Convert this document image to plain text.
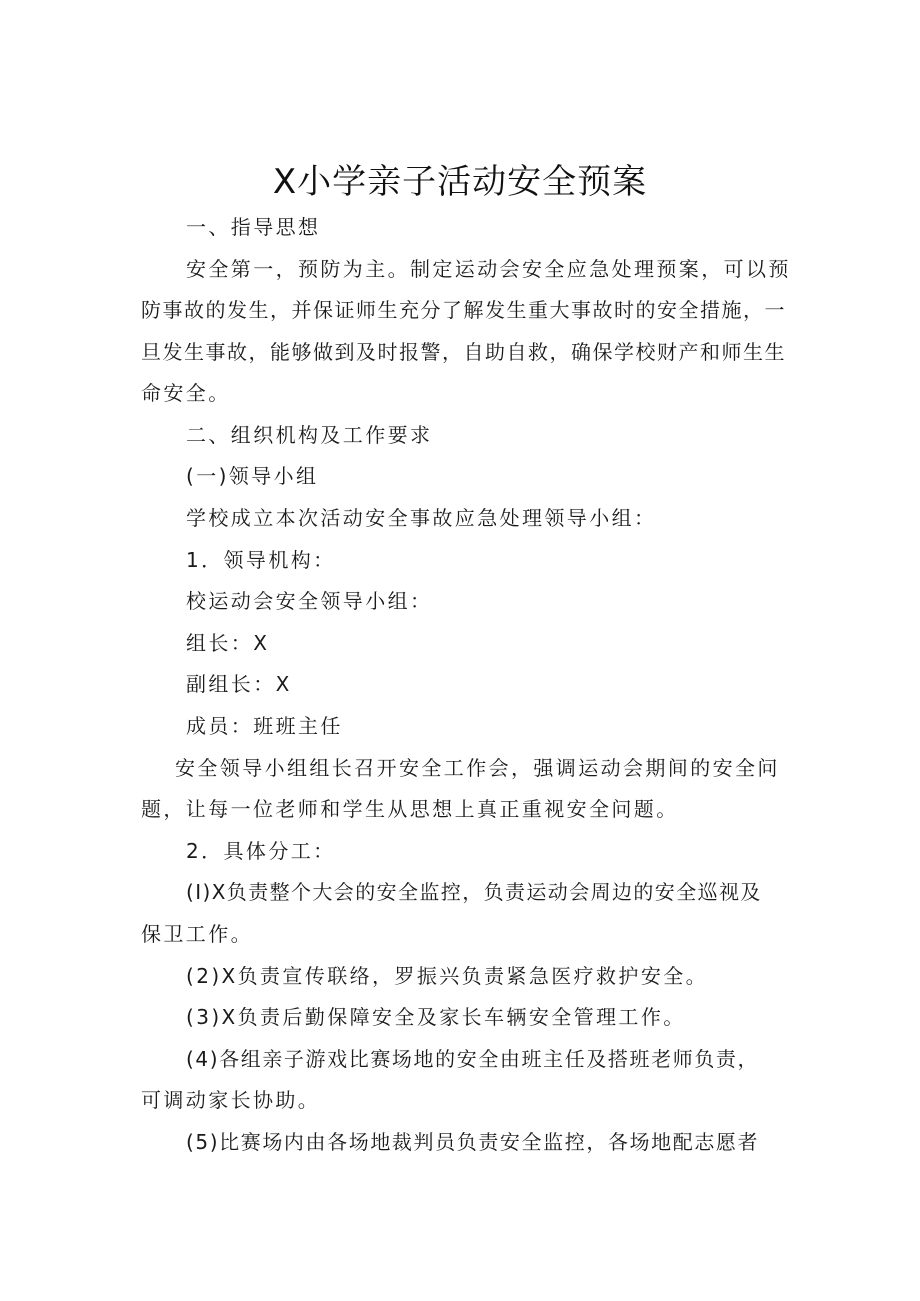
X小学亲子活动安全预案
一、指导思想
安全第一，预防为主。制定运动会安全应急处理预案，可以预
防事故的发生，并保证师生充分了解发生重大事故时的安全措施，一
旦发生事故，能够做到及时报警，自助自救，确保学校财产和师生生
命安全。
二、组织机构及工作要求
(一)领导小组
学校成立本次活动安全事故应急处理领导小组：
1．领导机构：
校运动会安全领导小组：
组长：X
副组长：X
成员：班班主任
安全领导小组组长召开安全工作会，强调运动会期间的安全问
题，让每一位老师和学生从思想上真正重视安全问题。
2．具体分工：
(I)X负责整个大会的安全监控，负责运动会周边的安全巡视及
保卫工作。
(2)X负责宣传联络，罗振兴负责紧急医疗救护安全。
(3)X负责后勤保障安全及家长车辆安全管理工作。
(4)各组亲子游戏比赛场地的安全由班主任及搭班老师负责，
可调动家长协助。
(5)比赛场内由各场地裁判员负责安全监控，各场地配志愿者
